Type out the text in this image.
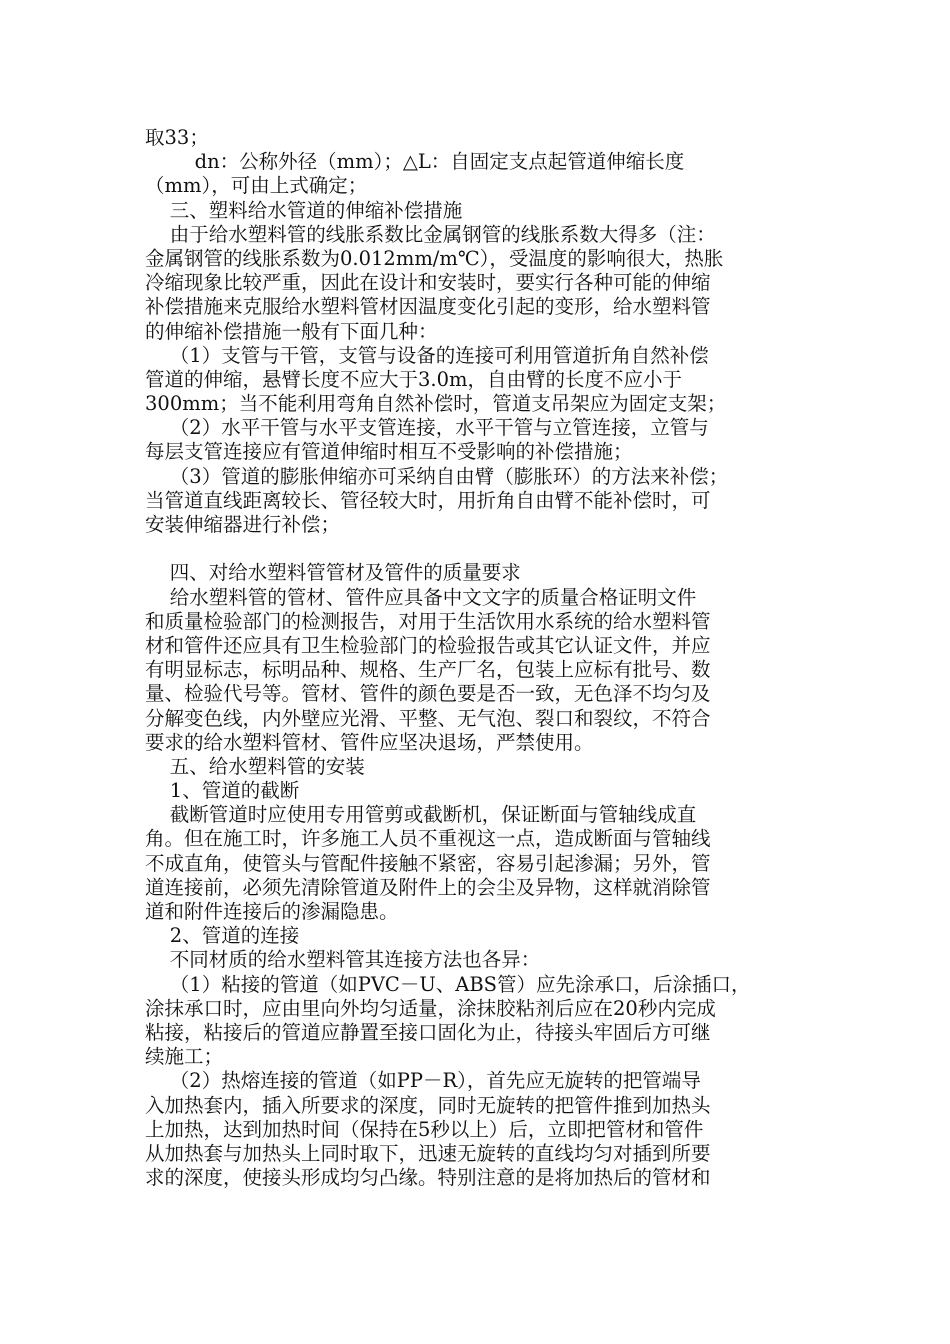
取33；
dn：公称外径（mm）；△L：自固定支点起管道伸缩长度
（mm），可由上式确定；
三、塑料给水管道的伸缩补偿措施
由于给水塑料管的线胀系数比金属钢管的线胀系数大得多（注：
金属钢管的线胀系数为0.012mm/m℃），受温度的影响很大，热胀
冷缩现象比较严重，因此在设计和安装时，要实行各种可能的伸缩
补偿措施来克服给水塑料管材因温度变化引起的变形，给水塑料管
的伸缩补偿措施一般有下面几种：
（1）支管与干管，支管与设备的连接可利用管道折角自然补偿
管道的伸缩，悬臂长度不应大于3.0m，自由臂的长度不应小于
300mm；当不能利用弯角自然补偿时，管道支吊架应为固定支架；
（2）水平干管与水平支管连接，水平干管与立管连接，立管与
每层支管连接应有管道伸缩时相互不受影响的补偿措施；
（3）管道的膨胀伸缩亦可采纳自由臂（膨胀环）的方法来补偿；
当管道直线距离较长、管径较大时，用折角自由臂不能补偿时，可
安装伸缩器进行补偿；
四、对给水塑料管管材及管件的质量要求
给水塑料管的管材、管件应具备中文文字的质量合格证明文件
和质量检验部门的检测报告，对用于生活饮用水系统的给水塑料管
材和管件还应具有卫生检验部门的检验报告或其它认证文件，并应
有明显标志，标明品种、规格、生产厂名，包装上应标有批号、数
量、检验代号等。管材、管件的颜色要是否一致，无色泽不均匀及
分解变色线，内外壁应光滑、平整、无气泡、裂口和裂纹，不符合
要求的给水塑料管材、管件应坚决退场，严禁使用。
五、给水塑料管的安装
1、管道的截断
截断管道时应使用专用管剪或截断机，保证断面与管轴线成直
角。但在施工时，许多施工人员不重视这一点，造成断面与管轴线
不成直角，使管头与管配件接触不紧密，容易引起渗漏；另外，管
道连接前，必须先清除管道及附件上的会尘及异物，这样就消除管
道和附件连接后的渗漏隐患。
2、管道的连接
不同材质的给水塑料管其连接方法也各异：
（1）粘接的管道（如PVC－U、ABS管）应先涂承口，后涂插口，
涂抹承口时，应由里向外均匀适量，涂抹胶粘剂后应在20秒内完成
粘接，粘接后的管道应静置至接口固化为止，待接头牢固后方可继
续施工；
（2）热熔连接的管道（如PP－R），首先应无旋转的把管端导
入加热套内，插入所要求的深度，同时无旋转的把管件推到加热头
上加热，达到加热时间（保持在5秒以上）后，立即把管材和管件
从加热套与加热头上同时取下，迅速无旋转的直线均匀对插到所要
求的深度，使接头形成均匀凸缘。特别注意的是将加热后的管材和
